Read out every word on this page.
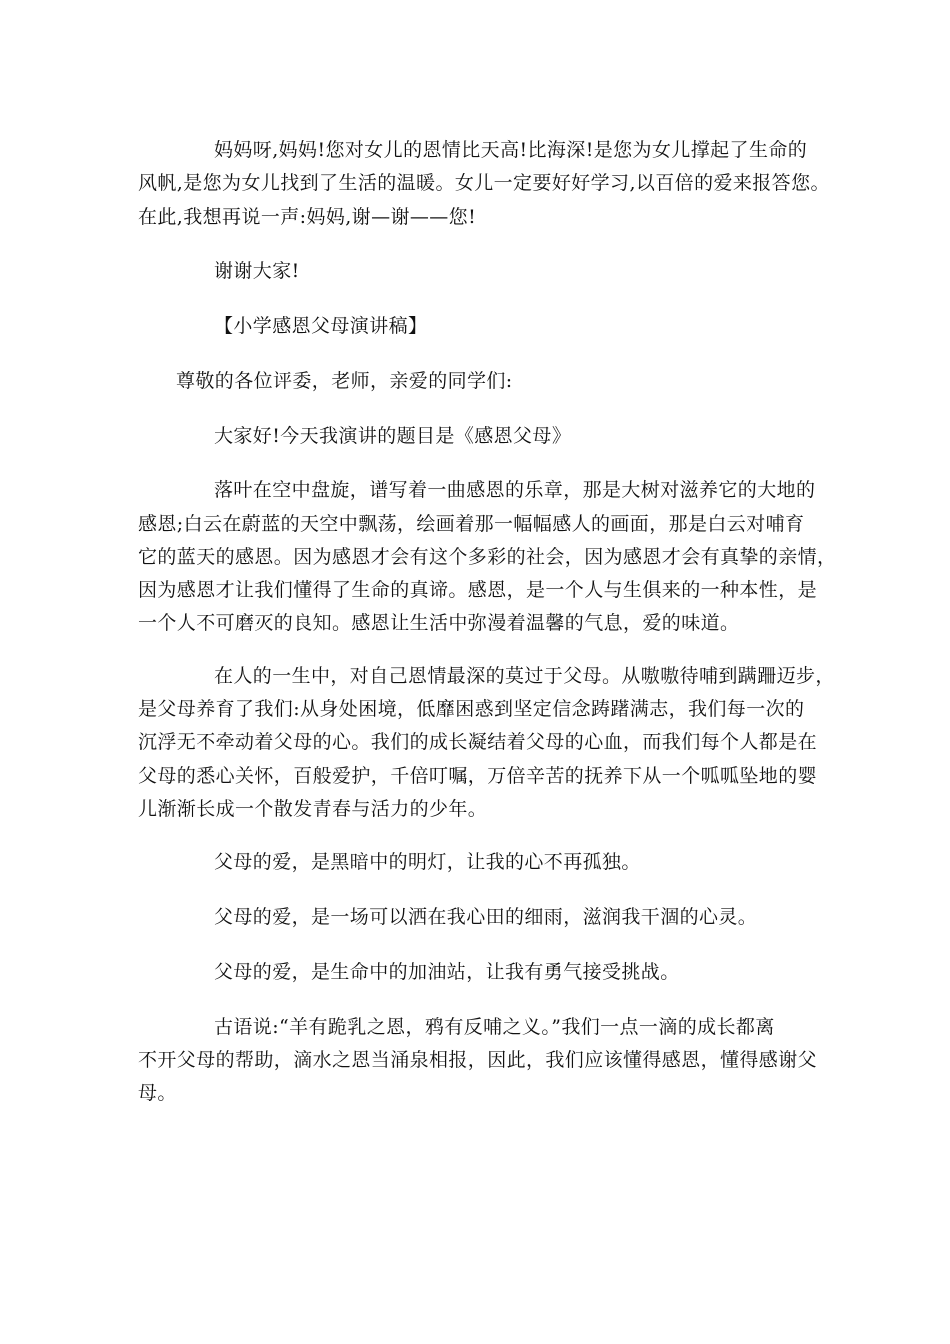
妈妈呀,妈妈!您对女儿的恩情比天高!比海深!是您为女儿撑起了生命的
风帆,是您为女儿找到了生活的温暖。女儿一定要好好学习,以百倍的爱来报答您。
在此,我想再说一声:妈妈,谢—谢——您!
谢谢大家!
【小学感恩父母演讲稿】
尊敬的各位评委，老师，亲爱的同学们:
大家好!今天我演讲的题目是《感恩父母》
落叶在空中盘旋，谱写着一曲感恩的乐章，那是大树对滋养它的大地的
感恩;白云在蔚蓝的天空中飘荡，绘画着那一幅幅感人的画面，那是白云对哺育
它的蓝天的感恩。因为感恩才会有这个多彩的社会，因为感恩才会有真挚的亲情，
因为感恩才让我们懂得了生命的真谛。感恩，是一个人与生俱来的一种本性，是
一个人不可磨灭的良知。感恩让生活中弥漫着温馨的气息，爱的味道。
在人的一生中，对自己恩情最深的莫过于父母。从嗷嗷待哺到蹒跚迈步，
是父母养育了我们:从身处困境，低靡困惑到坚定信念踌躇满志，我们每一次的
沉浮无不牵动着父母的心。我们的成长凝结着父母的心血，而我们每个人都是在
父母的悉心关怀，百般爱护，千倍叮嘱，万倍辛苦的抚养下从一个呱呱坠地的婴
儿渐渐长成一个散发青春与活力的少年。
父母的爱，是黑暗中的明灯，让我的心不再孤独。
父母的爱，是一场可以洒在我心田的细雨，滋润我干涸的心灵。
父母的爱，是生命中的加油站，让我有勇气接受挑战。
古语说:“羊有跪乳之恩，鸦有反哺之义。”我们一点一滴的成长都离
不开父母的帮助，滴水之恩当涌泉相报，因此，我们应该懂得感恩，懂得感谢父
母。
